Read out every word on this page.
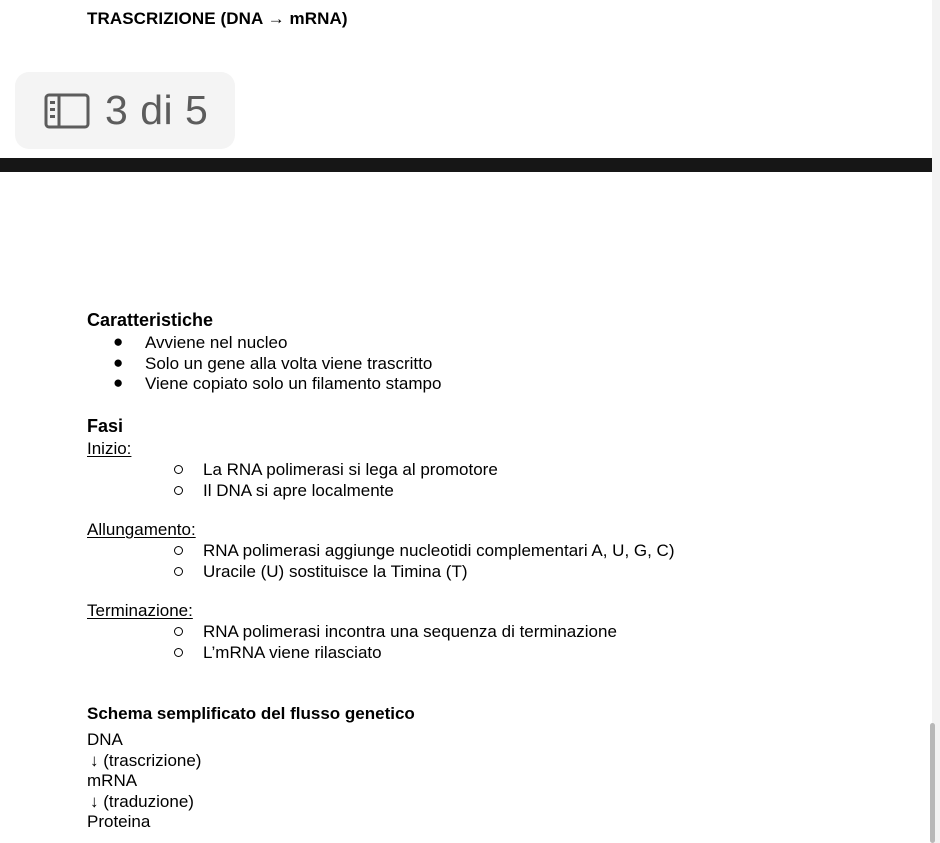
TRASCRIZIONE (DNA → mRNA)
Caratteristiche
● Avviene nel nucleo
● Solo un gene alla volta viene trascritto
● Viene copiato solo un filamento stampo
Fasi
Inizio:
La RNA polimerasi si lega al promotore
Il DNA si apre localmente
Allungamento:
RNA polimerasi aggiunge nucleotidi complementari A, U, G, C)
Uracile (U) sostituisce la Timina (T)
Terminazione:
RNA polimerasi incontra una sequenza di terminazione
L’mRNA viene rilasciato
Schema semplificato del flusso genetico
DNA
↓ (trascrizione)
mRNA
↓ (traduzione)
Proteina
3 di 5
